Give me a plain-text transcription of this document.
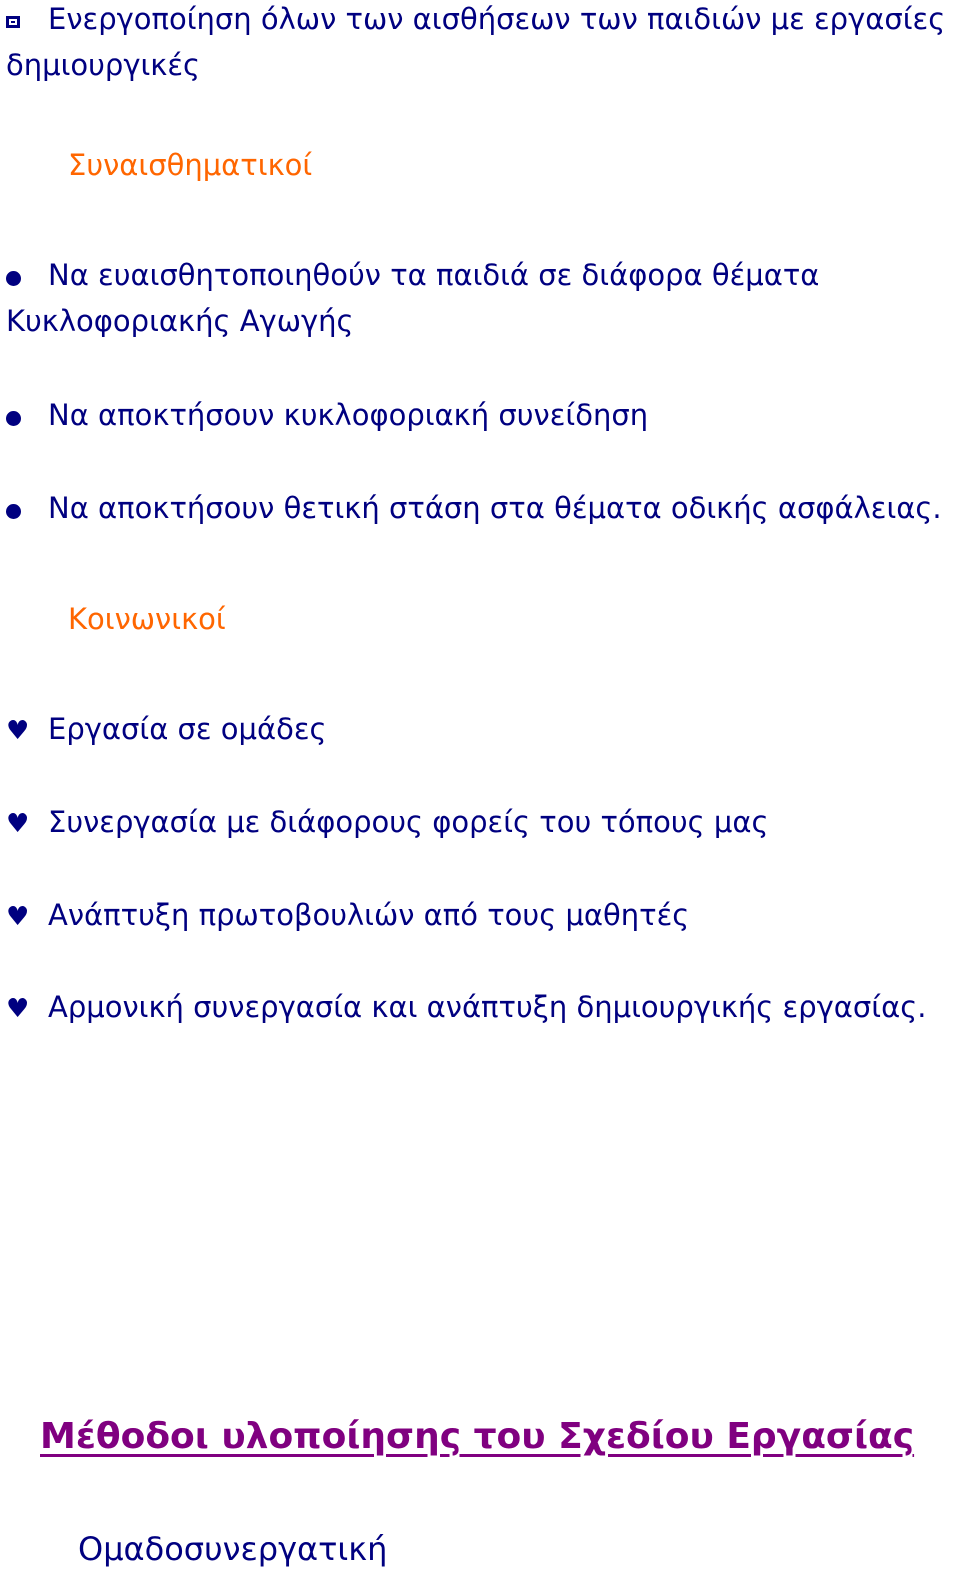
Ενεργοποίηση όλων των αισθήσεων των παιδιών με εργασίες
δημιουργικές
Συναισθηματικοί
Να ευαισθητοποιηθούν τα παιδιά σε διάφορα θέματα
Κυκλοφοριακής Αγωγής
Να αποκτήσουν κυκλοφοριακή συνείδηση
Να αποκτήσουν θετική στάση στα θέματα οδικής ασφάλειας.
Κοινωνικοί
♥ Εργασία σε ομάδες
♥ Συνεργασία με διάφορους φορείς του τόπους μας
♥ Ανάπτυξη πρωτοβουλιών από τους μαθητές
♥ Αρμονική συνεργασία και ανάπτυξη δημιουργικής εργασίας.
Μέθοδοι υλοποίησης του Σχεδίου Εργασίας
Ομαδοσυνεργατική
